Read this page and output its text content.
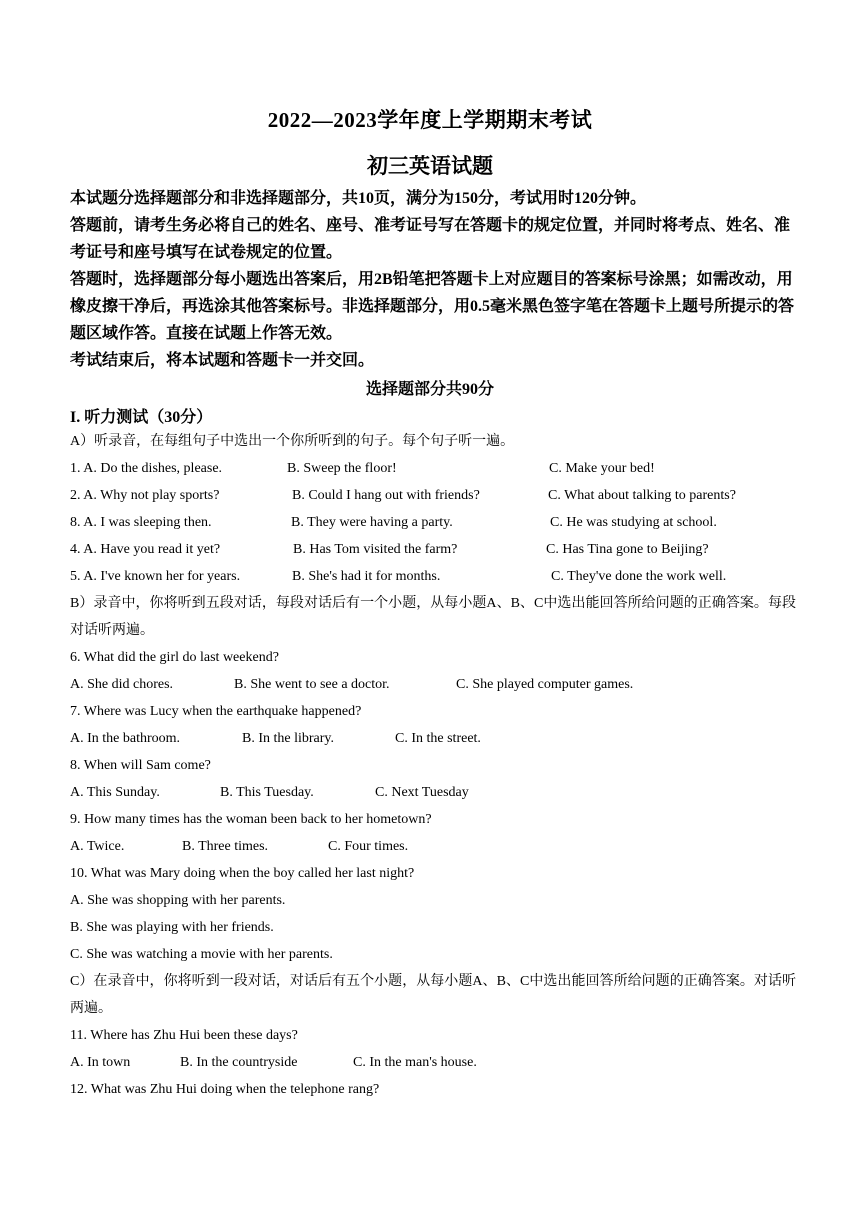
2022—2023学年度上学期期末考试
初三英语试题

本试题分选择题部分和非选择题部分，共10页，满分为150分，考试用时120分钟。

答题前，请考生务必将自己的姓名、座号、准考证号写在答题卡的规定位置，并同时将考点、姓名、准考证号和座号填写在试卷规定的位置。

答题时，选择题部分每小题选出答案后，用2B铅笔把答题卡上对应题目的答案标号涂黑；如需改动，用橡皮擦干净后，再选涂其他答案标号。非选择题部分，用0.5毫米黑色签字笔在答题卡上题号所提示的答题区域作答。直接在试题上作答无效。

考试结束后，将本试题和答题卡一并交回。

选择题部分共90分
I. 听力测试（30分）

A）听录音，在每组句子中选出一个你所听到的句子。每个句子听一遍。

1. A. Do the dishes, please.	B. Sweep the floor!	C. Make your bed!
2. A. Why not play sports?	B. Could I hang out with friends?	C. What about talking to parents?
8. A. I was sleeping then.	B. They were having a party.	C. He was studying at school.
4. A. Have you read it yet?	B. Has Tom visited the farm?	C. Has Tina gone to Beijing?
5. A. I've known her for years.	B. She's had it for months.	C. They've done the work well.

B）录音中，你将听到五段对话，每段对话后有一个小题，从每小题A、B、C中选出能回答所给问题的正确答案。每段对话听两遍。

6. What did the girl do last weekend?

A. She did chores.	B. She went to see a doctor.	C. She played computer games.

7. Where was Lucy when the earthquake happened?

A. In the bathroom.	B. In the library.	C. In the street.

8. When will Sam come?

A. This Sunday.	B. This Tuesday.	C. Next Tuesday

9. How many times has the woman been back to her hometown?

A. Twice.	B. Three times.	C. Four times.

10. What was Mary doing when the boy called her last night?

A. She was shopping with her parents.

B. She was playing with her friends.

C. She was watching a movie with her parents.

C）在录音中，你将听到一段对话，对话后有五个小题，从每小题A、B、C中选出能回答所给问题的正确答案。对话听两遍。

11. Where has Zhu Hui been these days?

A. In town	B. In the countryside	C. In the man's house.

12. What was Zhu Hui doing when the telephone rang?
